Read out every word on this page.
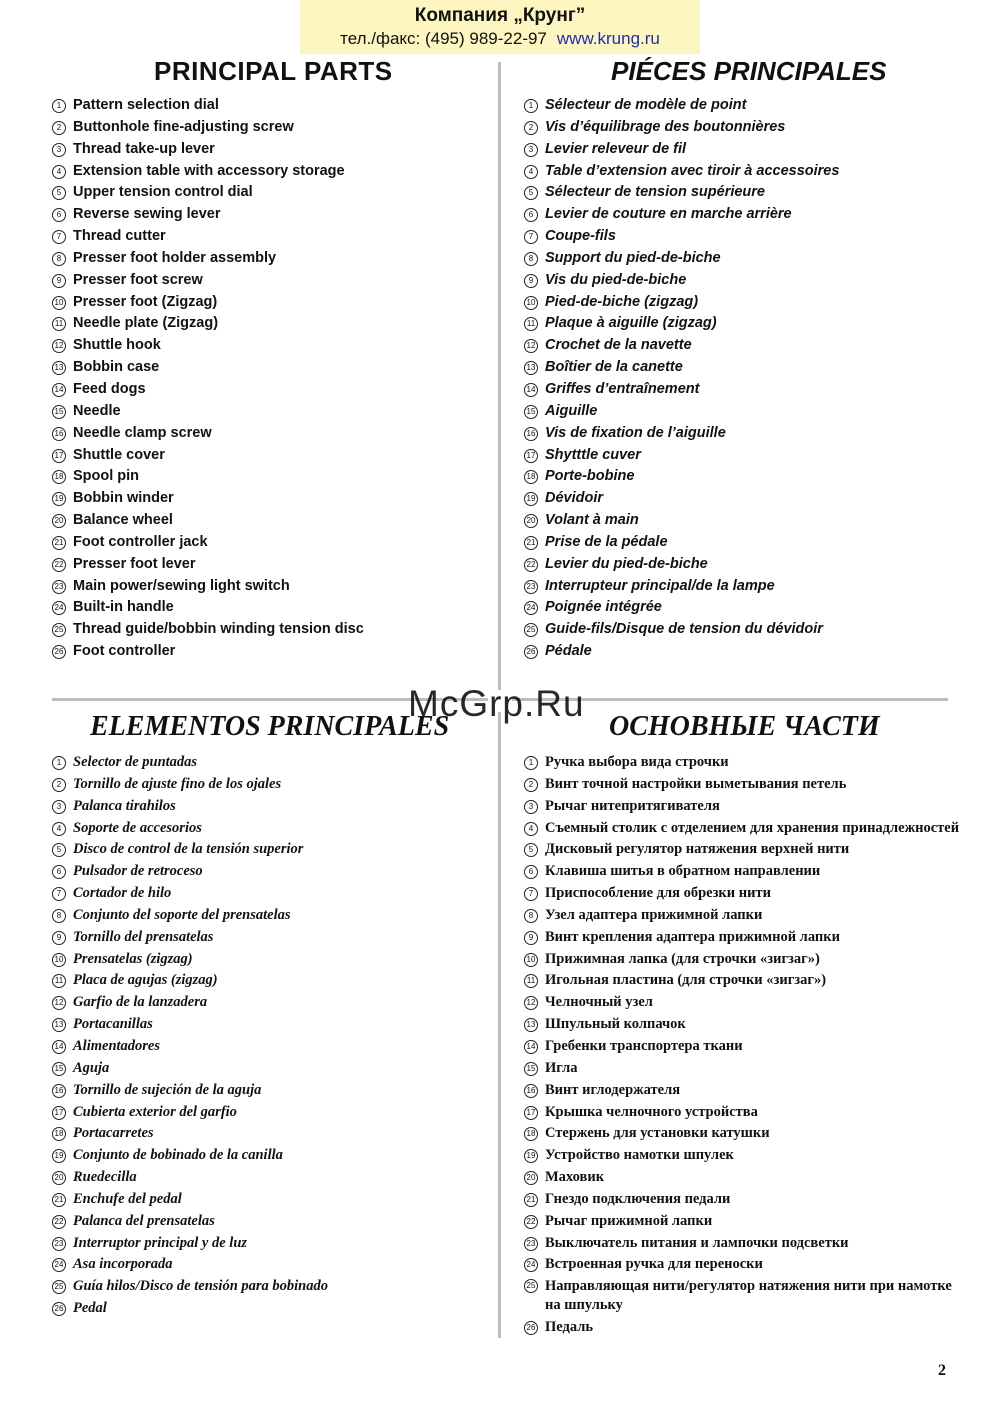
Компания „Крунг”
тел./факс: (495) 989-22-97 www.krung.ru
PRINCIPAL PARTS	PIÉCES PRINCIPALES
ELEMENTOS PRINCIPALES	ОСНОВНЫЕ ЧАСТИ
1 Pattern selection dial
2 Buttonhole fine-adjusting screw
3 Thread take-up lever
4 Extension table with accessory storage
5 Upper tension control dial
6 Reverse sewing lever
7 Thread cutter
8 Presser foot holder assembly
9 Presser foot screw
10 Presser foot (Zigzag)
11 Needle plate (Zigzag)
12 Shuttle hook
13 Bobbin case
14 Feed dogs
15 Needle
16 Needle clamp screw
17 Shuttle cover
18 Spool pin
19 Bobbin winder
20 Balance wheel
21 Foot controller jack
22 Presser foot lever
23 Main power/sewing light switch
24 Built-in handle
25 Thread guide/bobbin winding tension disc
26 Foot controller
1 Sélecteur de modèle de point
2 Vis d’équilibrage des boutonnières
3 Levier releveur de fil
4 Table d’extension avec tiroir à accessoires
5 Sélecteur de tension supérieure
6 Levier de couture en marche arrière
7 Coupe-fils
8 Support du pied-de-biche
9 Vis du pied-de-biche
10 Pied-de-biche (zigzag)
11 Plaque à aiguille (zigzag)
12 Crochet de la navette
13 Boîtier de la canette
14 Griffes d’entraînement
15 Aiguille
16 Vis de fixation de l’aiguille
17 Shytttle cuver
18 Porte-bobine
19 Dévidoir
20 Volant à main
21 Prise de la pédale
22 Levier du pied-de-biche
23 Interrupteur principal/de la lampe
24 Poignée intégrée
25 Guide-fils/Disque de tension du dévidoir
26 Pédale
1 Selector de puntadas
2 Tornillo de ajuste fino de los ojales
3 Palanca tirahilos
4 Soporte de accesorios
5 Disco de control de la tensión superior
6 Pulsador de retroceso
7 Cortador de hilo
8 Conjunto del soporte del prensatelas
9 Tornillo del prensatelas
10 Prensatelas (zigzag)
11 Placa de agujas (zigzag)
12 Garfio de la lanzadera
13 Portacanillas
14 Alimentadores
15 Aguja
16 Tornillo de sujeción de la aguja
17 Cubierta exterior del garfio
18 Portacarretes
19 Conjunto de bobinado de la canilla
20 Ruedecilla
21 Enchufe del pedal
22 Palanca del prensatelas
23 Interruptor principal y de luz
24 Asa incorporada
25 Guía hilos/Disco de tensión para bobinado
26 Pedal
1 Ручка выбора вида строчки
2 Винт точной настройки выметывания петель
3 Рычаг нитепритягивателя
4 Съемный столик с отделением для хранения принадлежностей
5 Дисковый регулятор натяжения верхней нити
6 Клавиша шитья в обратном направлении
7 Приспособление для обрезки нити
8 Узел адаптера прижимной лапки
9 Винт крепления адаптера прижимной лапки
10 Прижимная лапка (для строчки «зигзаг»)
11 Игольная пластина (для строчки «зигзаг»)
12 Челночный узел
13 Шпульный колпачок
14 Гребенки транспортера ткани
15 Игла
16 Винт иглодержателя
17 Крышка челночного устройства
18 Стержень для установки катушки
19 Устройство намотки шпулек
20 Маховик
21 Гнездо подключения педали
22 Рычаг прижимной лапки
23 Выключатель питания и лампочки подсветки
24 Встроенная ручка для переноски
25 Направляющая нити/регулятор натяжения нити при намотке на шпульку
26 Педаль
McGrp.Ru
2
